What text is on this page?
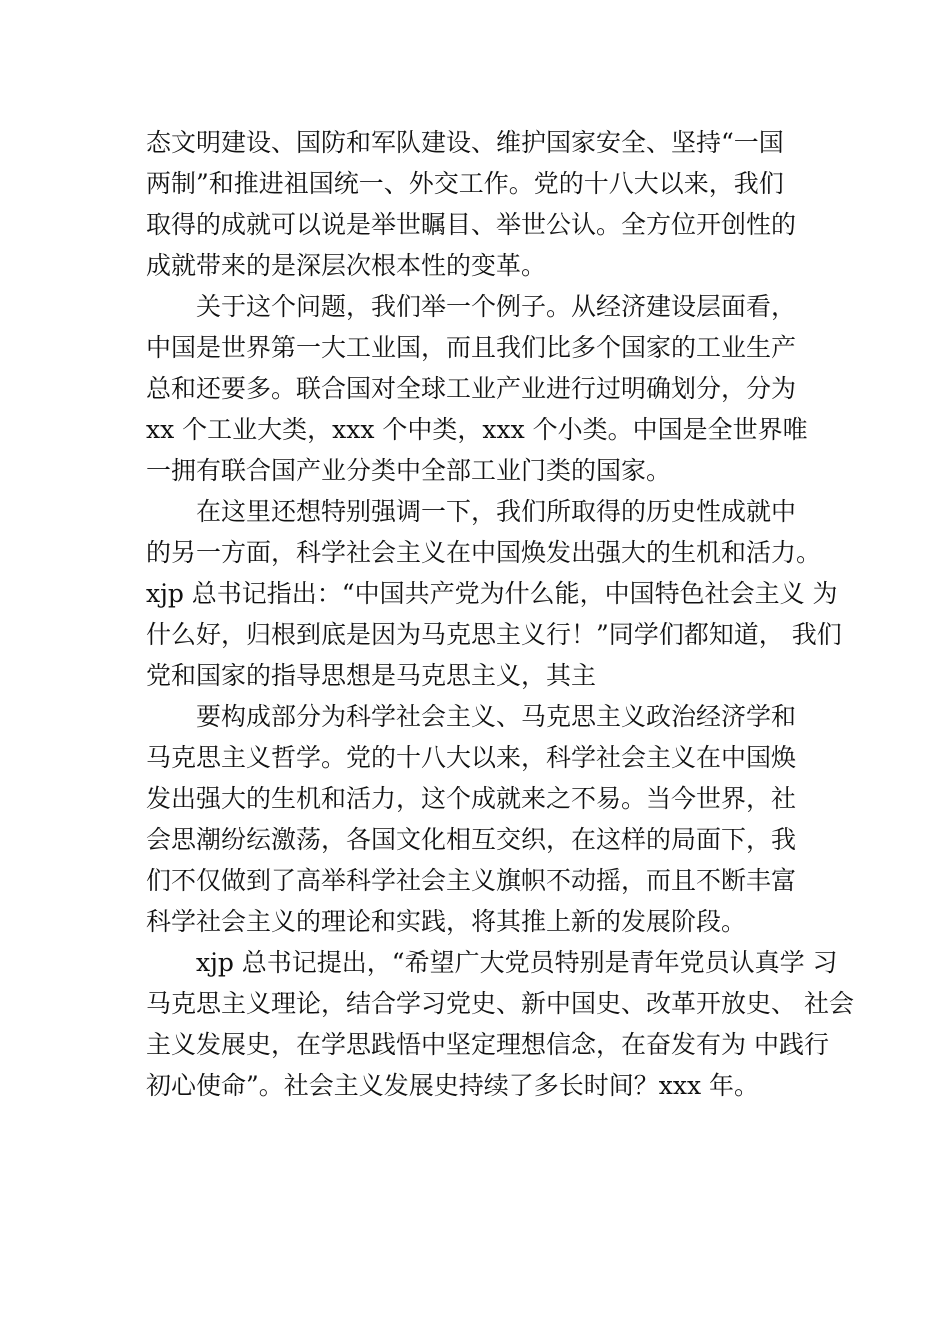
态文明建设、国防和军队建设、维护国家安全、坚持“一国
两制”和推进祖国统一、外交工作。党的十八大以来，我们
取得的成就可以说是举世瞩目、举世公认。全方位开创性的
成就带来的是深层次根本性的变革。
　　关于这个问题，我们举一个例子。从经济建设层面看，
中国是世界第一大工业国，而且我们比多个国家的工业生产
总和还要多。联合国对全球工业产业进行过明确划分，分为
xx 个工业大类，xxx 个中类，xxx 个小类。中国是全世界唯
一拥有联合国产业分类中全部工业门类的国家。
　　在这里还想特别强调一下，我们所取得的历史性成就中
的另一方面，科学社会主义在中国焕发出强大的生机和活力。
xjp 总书记指出：“中国共产党为什么能，中国特色社会主义 为
什么好，归根到底是因为马克思主义行！”同学们都知道， 我们
党和国家的指导思想是马克思主义，其主
　　要构成部分为科学社会主义、马克思主义政治经济学和
马克思主义哲学。党的十八大以来，科学社会主义在中国焕
发出强大的生机和活力，这个成就来之不易。当今世界，社
会思潮纷纭激荡，各国文化相互交织，在这样的局面下，我
们不仅做到了高举科学社会主义旗帜不动摇，而且不断丰富
科学社会主义的理论和实践，将其推上新的发展阶段。
　　xjp 总书记提出，“希望广大党员特别是青年党员认真学 习
马克思主义理论，结合学习党史、新中国史、改革开放史、 社会
主义发展史，在学思践悟中坚定理想信念，在奋发有为 中践行
初心使命”。社会主义发展史持续了多长时间？xxx 年。
